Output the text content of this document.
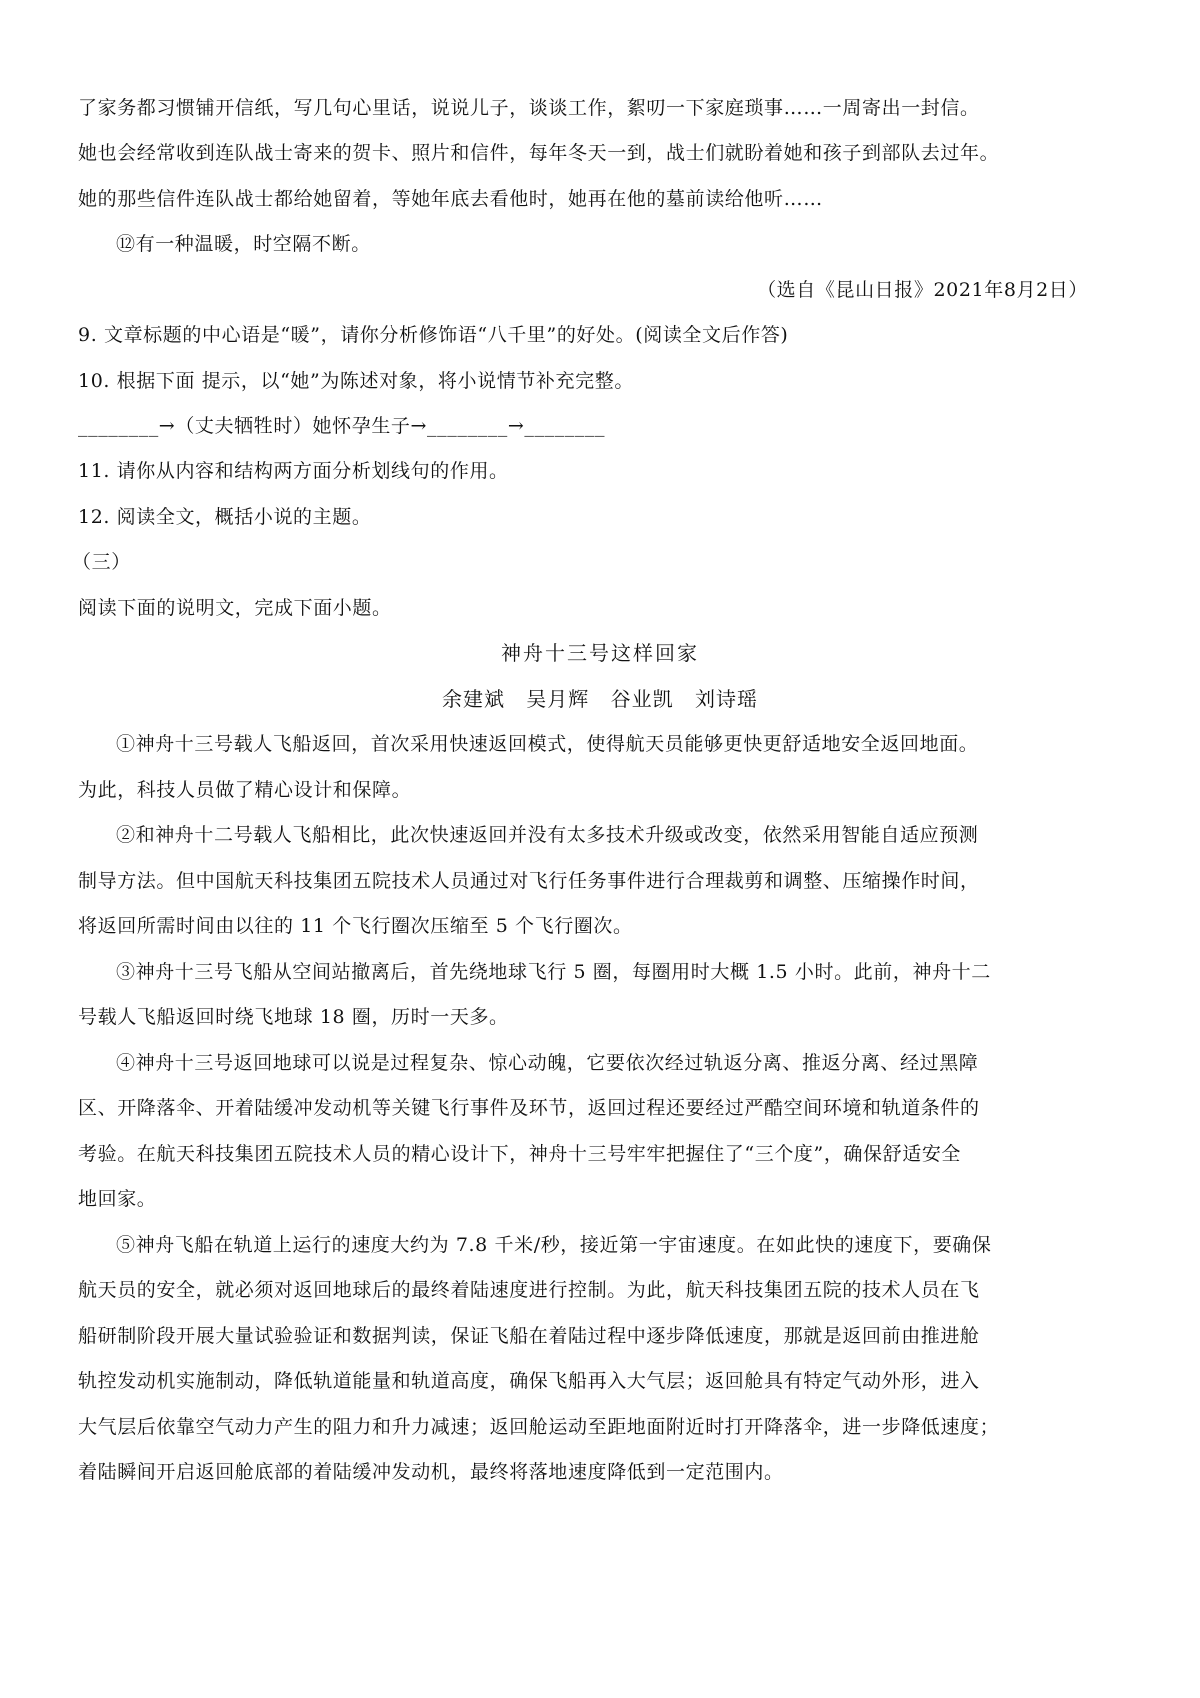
了家务都习惯铺开信纸，写几句心里话，说说儿子，谈谈工作，絮叨一下家庭琐事……一周寄出一封信。
她也会经常收到连队战士寄来的贺卡、照片和信件，每年冬天一到，战士们就盼着她和孩子到部队去过年。
她的那些信件连队战士都给她留着，等她年底去看他时，她再在他的墓前读给他听……
⑫有一种温暖，时空隔不断。
（选自《昆山日报》2021年8月2日）
9. 文章标题的中心语是“暖”，请你分析修饰语“八千里”的好处。(阅读全文后作答)
10. 根据下面 提示，以“她”为陈述对象，将小说情节补充完整。
________→（丈夫牺牲时）她怀孕生子→________→________
11. 请你从内容和结构两方面分析划线句的作用。
12. 阅读全文，概括小说的主题。
（三）
阅读下面的说明文，完成下面小题。
神舟十三号这样回家
余建斌 吴月辉 谷业凯 刘诗瑶
①神舟十三号载人飞船返回，首次采用快速返回模式，使得航天员能够更快更舒适地安全返回地面。
为此，科技人员做了精心设计和保障。
②和神舟十二号载人飞船相比，此次快速返回并没有太多技术升级或改变，依然采用智能自适应预测
制导方法。但中国航天科技集团五院技术人员通过对飞行任务事件进行合理裁剪和调整、压缩操作时间，
将返回所需时间由以往的 11 个飞行圈次压缩至 5 个飞行圈次。
③神舟十三号飞船从空间站撤离后，首先绕地球飞行 5 圈，每圈用时大概 1.5 小时。此前，神舟十二
号载人飞船返回时绕飞地球 18 圈，历时一天多。
④神舟十三号返回地球可以说是过程复杂、惊心动魄，它要依次经过轨返分离、推返分离、经过黑障
区、开降落伞、开着陆缓冲发动机等关键飞行事件及环节，返回过程还要经过严酷空间环境和轨道条件的
考验。在航天科技集团五院技术人员的精心设计下，神舟十三号牢牢把握住了“三个度”，确保舒适安全
地回家。
⑤神舟飞船在轨道上运行的速度大约为 7.8 千米/秒，接近第一宇宙速度。在如此快的速度下，要确保
航天员的安全，就必须对返回地球后的最终着陆速度进行控制。为此，航天科技集团五院的技术人员在飞
船研制阶段开展大量试验验证和数据判读，保证飞船在着陆过程中逐步降低速度，那就是返回前由推进舱
轨控发动机实施制动，降低轨道能量和轨道高度，确保飞船再入大气层；返回舱具有特定气动外形，进入
大气层后依靠空气动力产生的阻力和升力减速；返回舱运动至距地面附近时打开降落伞，进一步降低速度；
着陆瞬间开启返回舱底部的着陆缓冲发动机，最终将落地速度降低到一定范围内。
